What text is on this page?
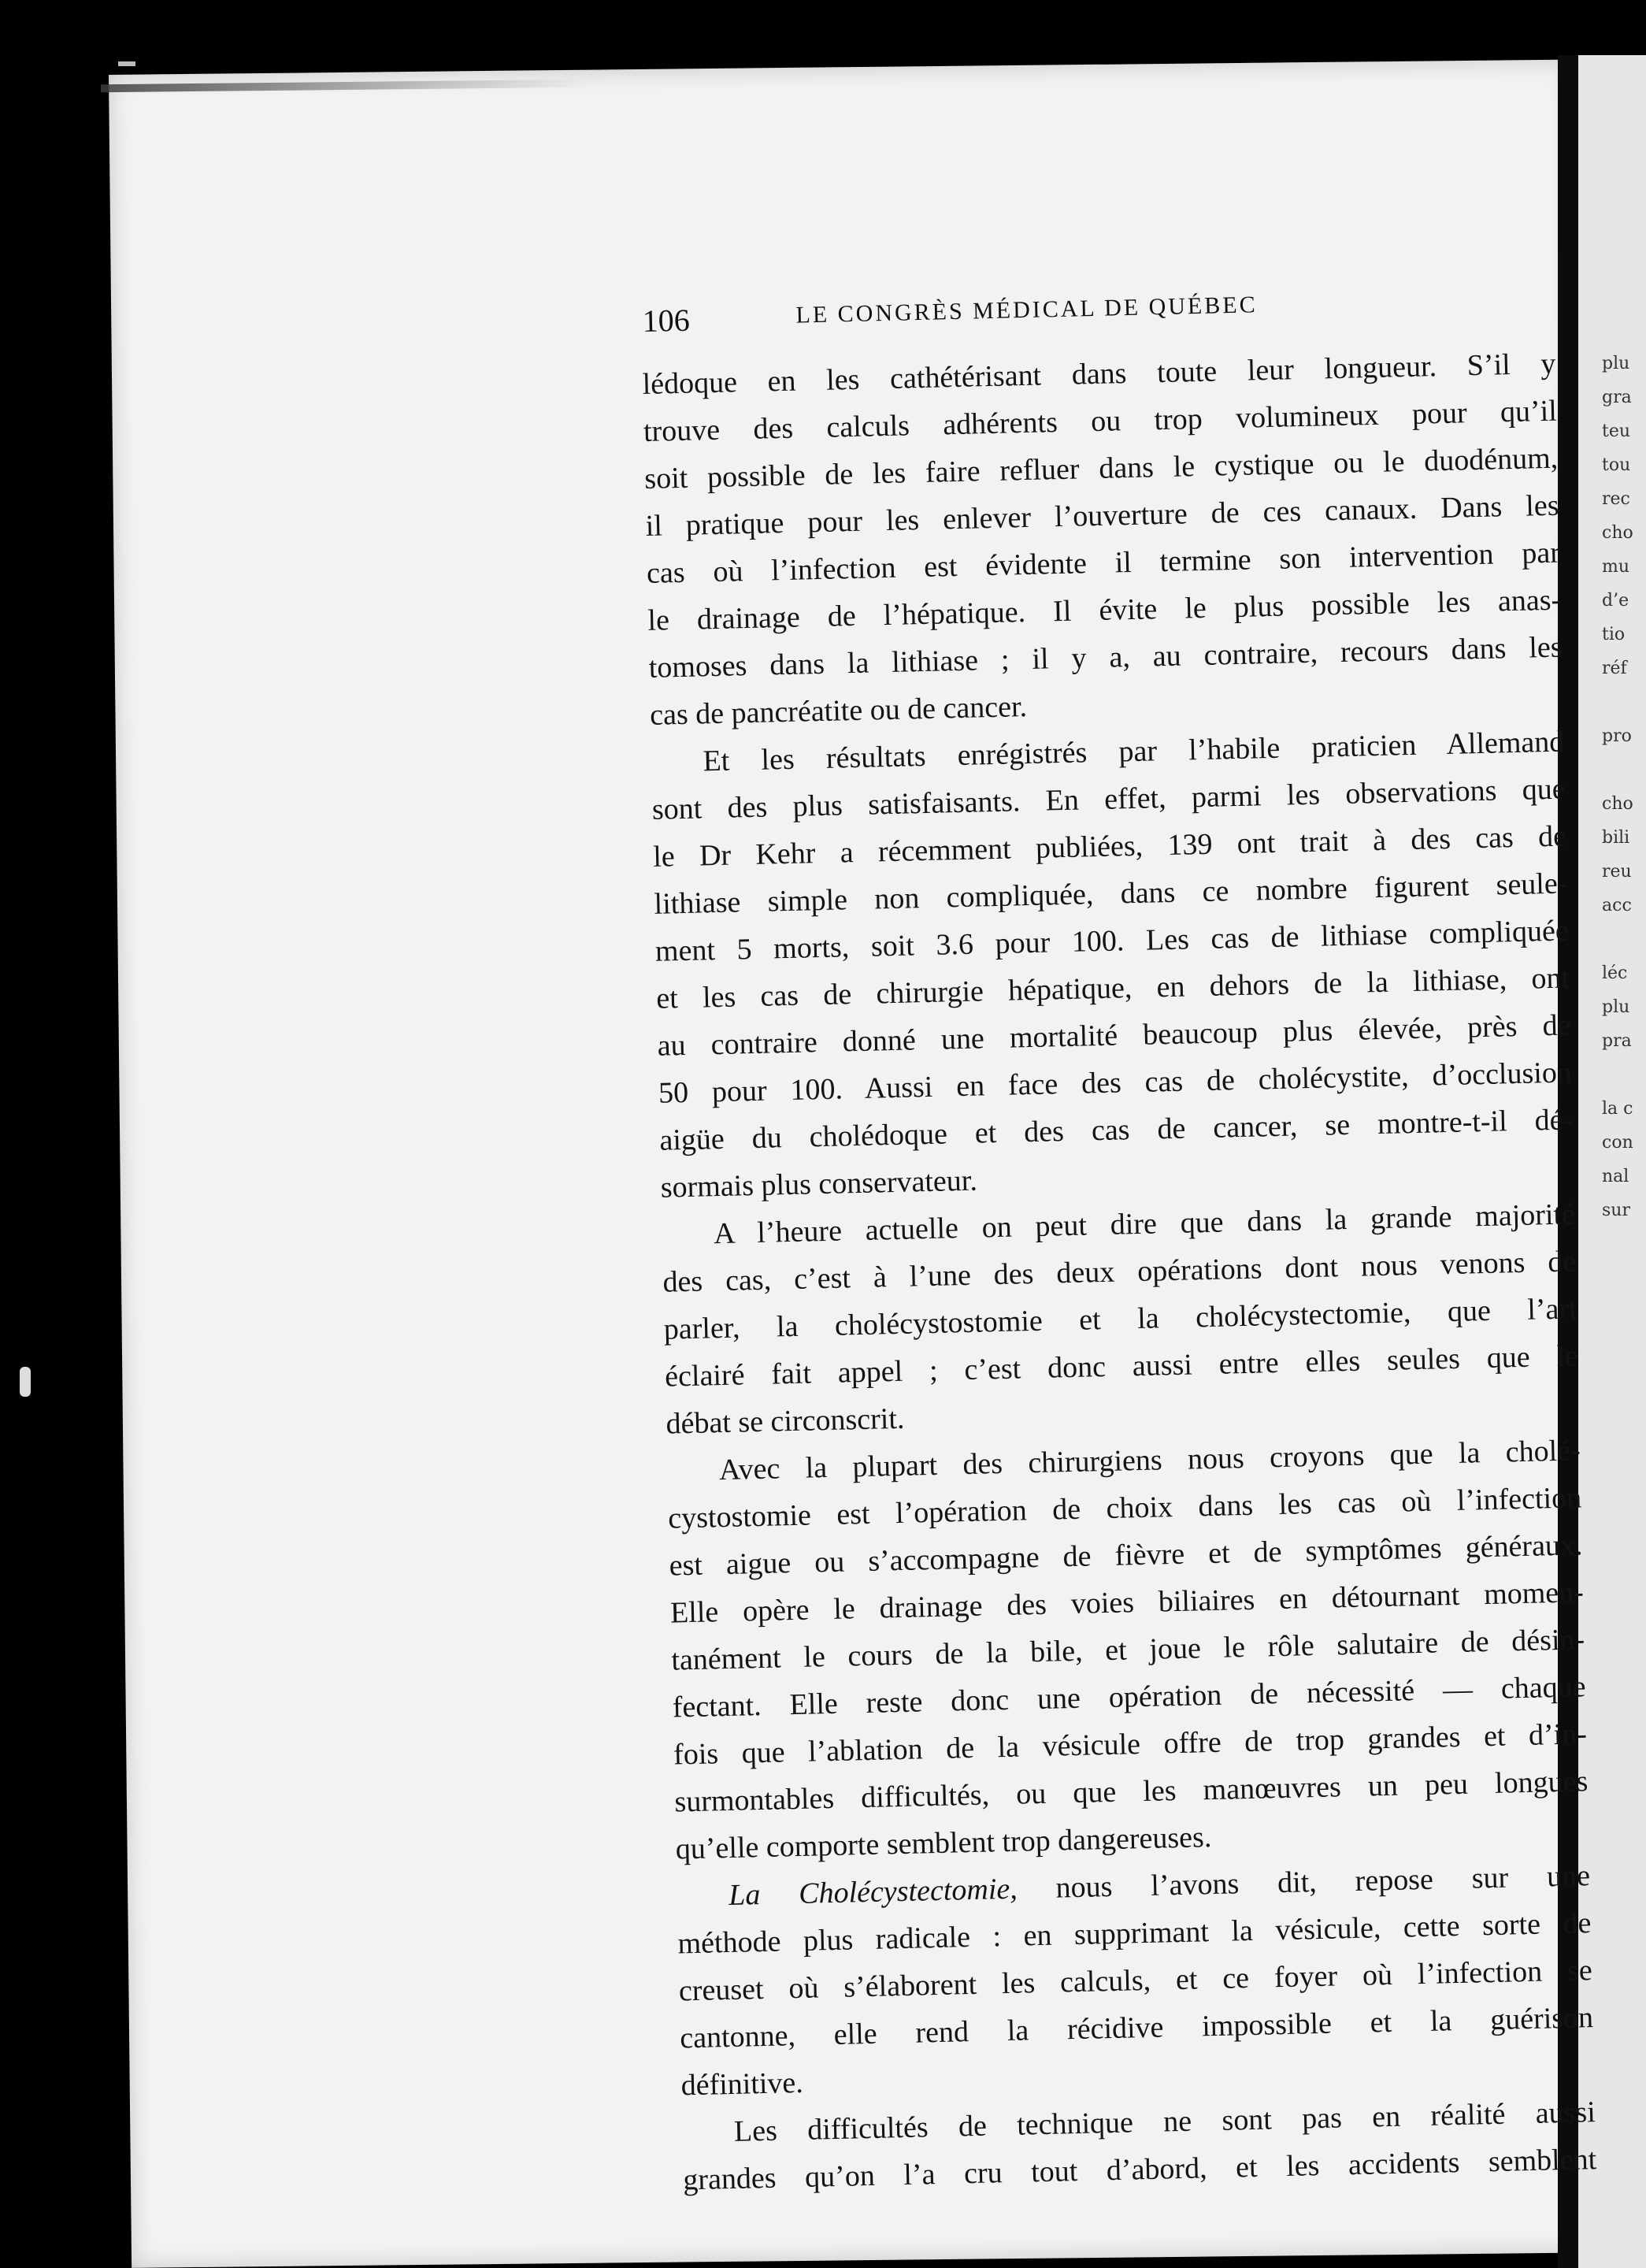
plu
gra
teu
tou
rec
cho
mu
d’e
tio
réf

pro

cho
bili
reu
acc

léc
plu
pra

la c
con
nal
sur
106	LE CONGRÈS MÉDICAL DE QUÉBEC
lédoque en les cathétérisant dans toute leur longueur. S’il y
trouve des calculs adhérents ou trop volumineux pour qu’il
soit possible de les faire refluer dans le cystique ou le duodénum,
il pratique pour les enlever l’ouverture de ces canaux. Dans les
cas où l’infection est évidente il termine son intervention par
le drainage de l’hépatique. Il évite le plus possible les anas-
tomoses dans la lithiase ; il y a, au contraire, recours dans les
cas de pancréatite ou de cancer.
Et les résultats enrégistrés par l’habile praticien Allemand
sont des plus satisfaisants. En effet, parmi les observations que
le Dr Kehr a récemment publiées, 139 ont trait à des cas de
lithiase simple non compliquée, dans ce nombre figurent seule-
ment 5 morts, soit 3.6 pour 100. Les cas de lithiase compliquée
et les cas de chirurgie hépatique, en dehors de la lithiase, ont
au contraire donné une mortalité beaucoup plus élevée, près de
50 pour 100. Aussi en face des cas de cholécystite, d’occlusion
aigüe du cholédoque et des cas de cancer, se montre-t-il dé-
sormais plus conservateur.
A l’heure actuelle on peut dire que dans la grande majorité
des cas, c’est à l’une des deux opérations dont nous venons de
parler, la cholécystostomie et la cholécystectomie, que l’art
éclairé fait appel ; c’est donc aussi entre elles seules que le
débat se circonscrit.
Avec la plupart des chirurgiens nous croyons que la cholé-
cystostomie est l’opération de choix dans les cas où l’infection
est aigue ou s’accompagne de fièvre et de symptômes généraux.
Elle opère le drainage des voies biliaires en détournant momen-
tanément le cours de la bile, et joue le rôle salutaire de désin-
fectant. Elle reste donc une opération de nécessité — chaque
fois que l’ablation de la vésicule offre de trop grandes et d’in-
surmontables difficultés, ou que les manœuvres un peu longues
qu’elle comporte semblent trop dangereuses.
La Cholécystectomie, nous l’avons dit, repose sur une
méthode plus radicale : en supprimant la vésicule, cette sorte de
creuset où s’élaborent les calculs, et ce foyer où l’infection se
cantonne, elle rend la récidive impossible et la guérison
définitive.
Les difficultés de technique ne sont pas en réalité aussi
grandes qu’on l’a cru tout d’abord, et les accidents semblent
